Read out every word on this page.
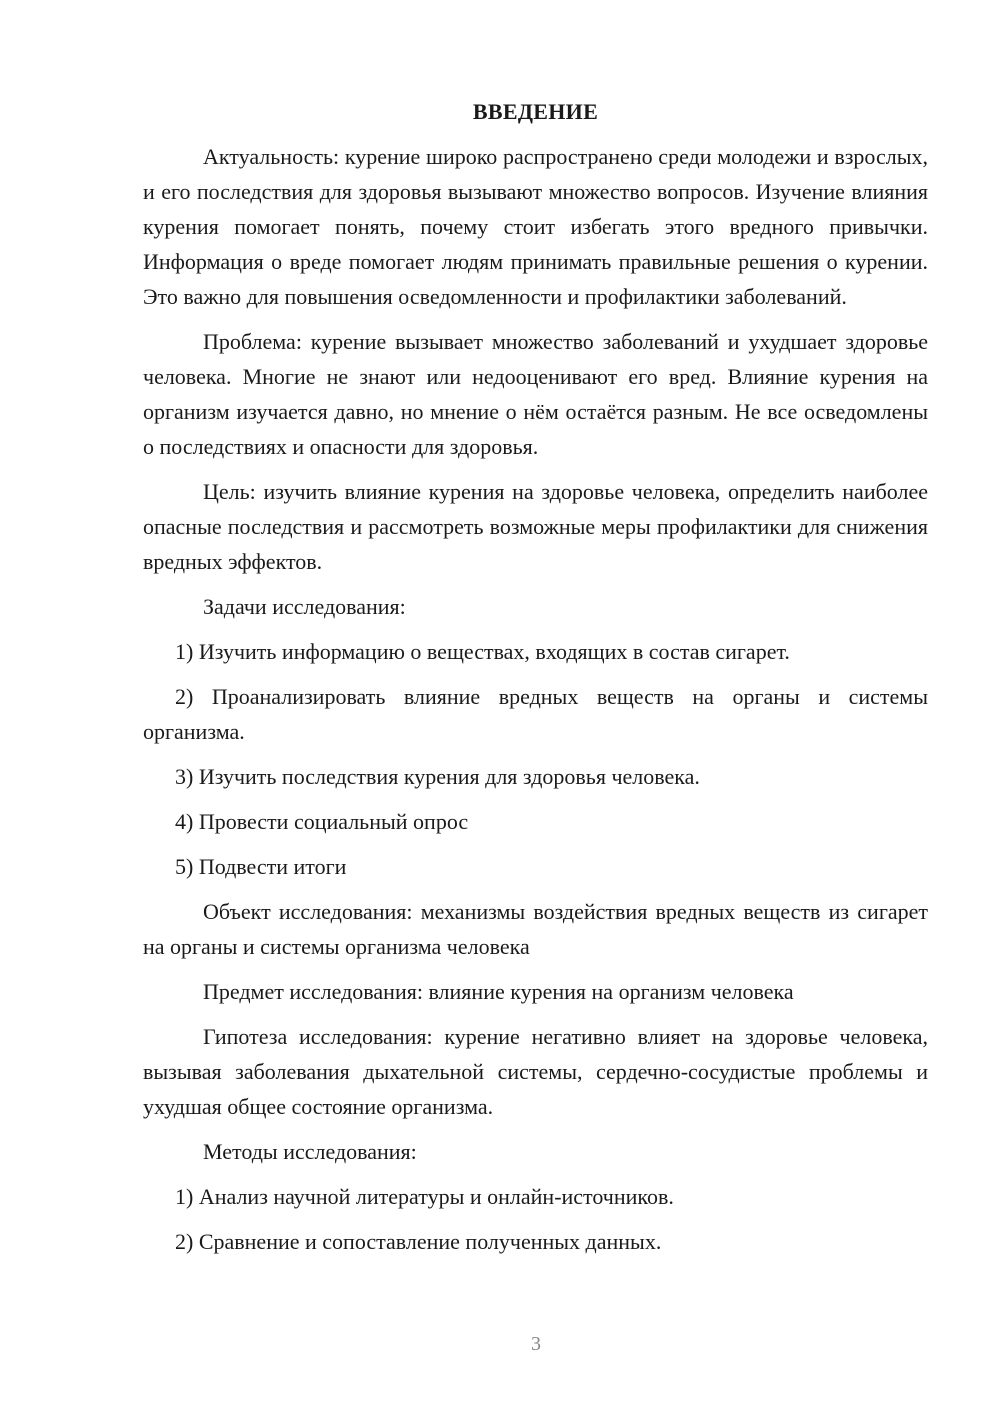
ВВЕДЕНИЕ

Актуальность: курение широко распространено среди молодежи и взрослых, и его последствия для здоровья вызывают множество вопросов. Изучение влияния курения помогает понять, почему стоит избегать этого вредного привычки. Информация о вреде помогает людям принимать правильные решения о курении. Это важно для повышения осведомленности и профилактики заболеваний.

Проблема: курение вызывает множество заболеваний и ухудшает здоровье человека. Многие не знают или недооценивают его вред. Влияние курения на организм изучается давно, но мнение о нём остаётся разным. Не все осведомлены о последствиях и опасности для здоровья.

Цель: изучить влияние курения на здоровье человека, определить наиболее опасные последствия и рассмотреть возможные меры профилактики для снижения вредных эффектов.

Задачи исследования:

1) Изучить информацию о веществах, входящих в состав сигарет.

2) Проанализировать влияние вредных веществ на органы и системы организма.

3) Изучить последствия курения для здоровья человека.

4) Провести социальный опрос

5) Подвести итоги

Объект исследования: механизмы воздействия вредных веществ из сигарет на органы и системы организма человека

Предмет исследования: влияние курения на организм человека

Гипотеза исследования: курение негативно влияет на здоровье человека, вызывая заболевания дыхательной системы, сердечно-сосудистые проблемы и ухудшая общее состояние организма.

Методы исследования:

1) Анализ научной литературы и онлайн-источников.

2) Сравнение и сопоставление полученных данных.

3
